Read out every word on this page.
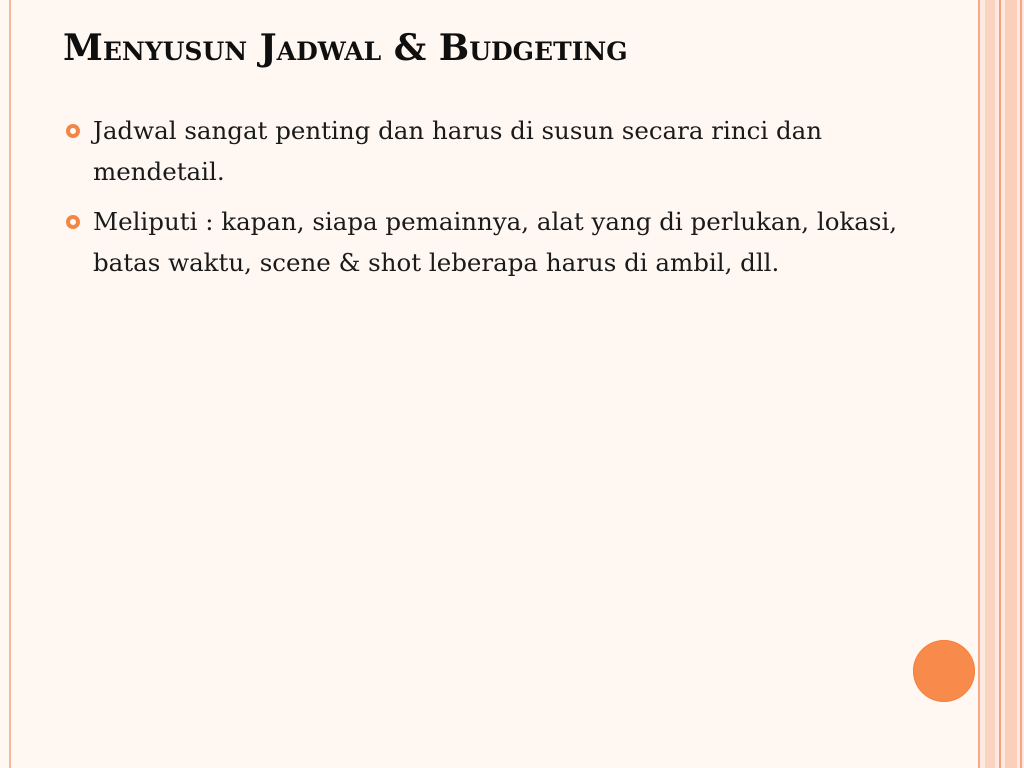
Menyusun Jadwal & Budgeting
Jadwal sangat penting dan harus di susun secara rinci dan mendetail.
Meliputi : kapan, siapa pemainnya, alat yang di perlukan, lokasi, batas waktu, scene & shot leberapa harus di ambil, dll.
